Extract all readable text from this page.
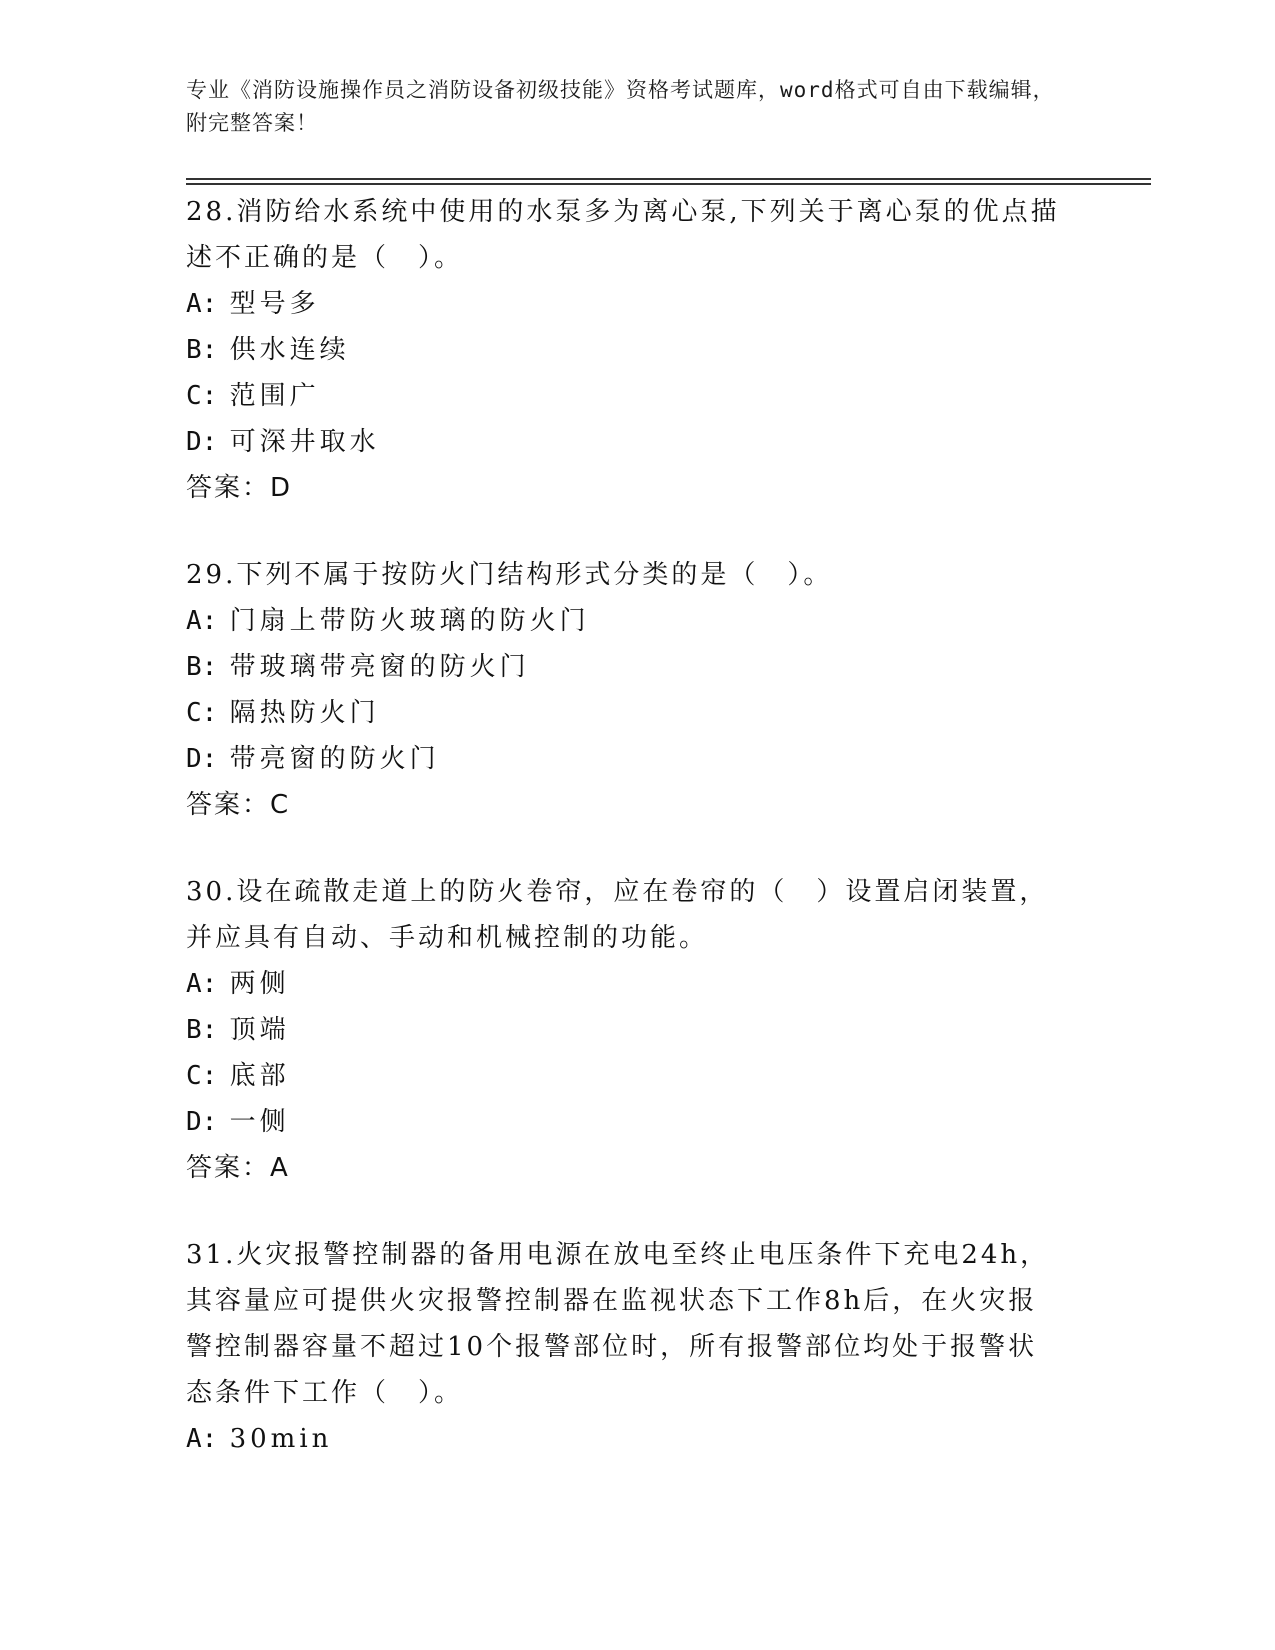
专业《消防设施操作员之消防设备初级技能》资格考试题库，word格式可自由下载编辑，附完整答案！
28.消防给水系统中使用的水泵多为离心泵,下列关于离心泵的优点描述不正确的是（　）。
A: 型号多
B: 供水连续
C: 范围广
D: 可深井取水
答案：D
29.下列不属于按防火门结构形式分类的是（　）。
A: 门扇上带防火玻璃的防火门
B: 带玻璃带亮窗的防火门
C: 隔热防火门
D: 带亮窗的防火门
答案：C
30.设在疏散走道上的防火卷帘，应在卷帘的（　）设置启闭装置，并应具有自动、手动和机械控制的功能。
A: 两侧
B: 顶端
C: 底部
D: 一侧
答案：A
31.火灾报警控制器的备用电源在放电至终止电压条件下充电24h，其容量应可提供火灾报警控制器在监视状态下工作8h后，在火灾报警控制器容量不超过10个报警部位时，所有报警部位均处于报警状态条件下工作（　）。
A: 30min
